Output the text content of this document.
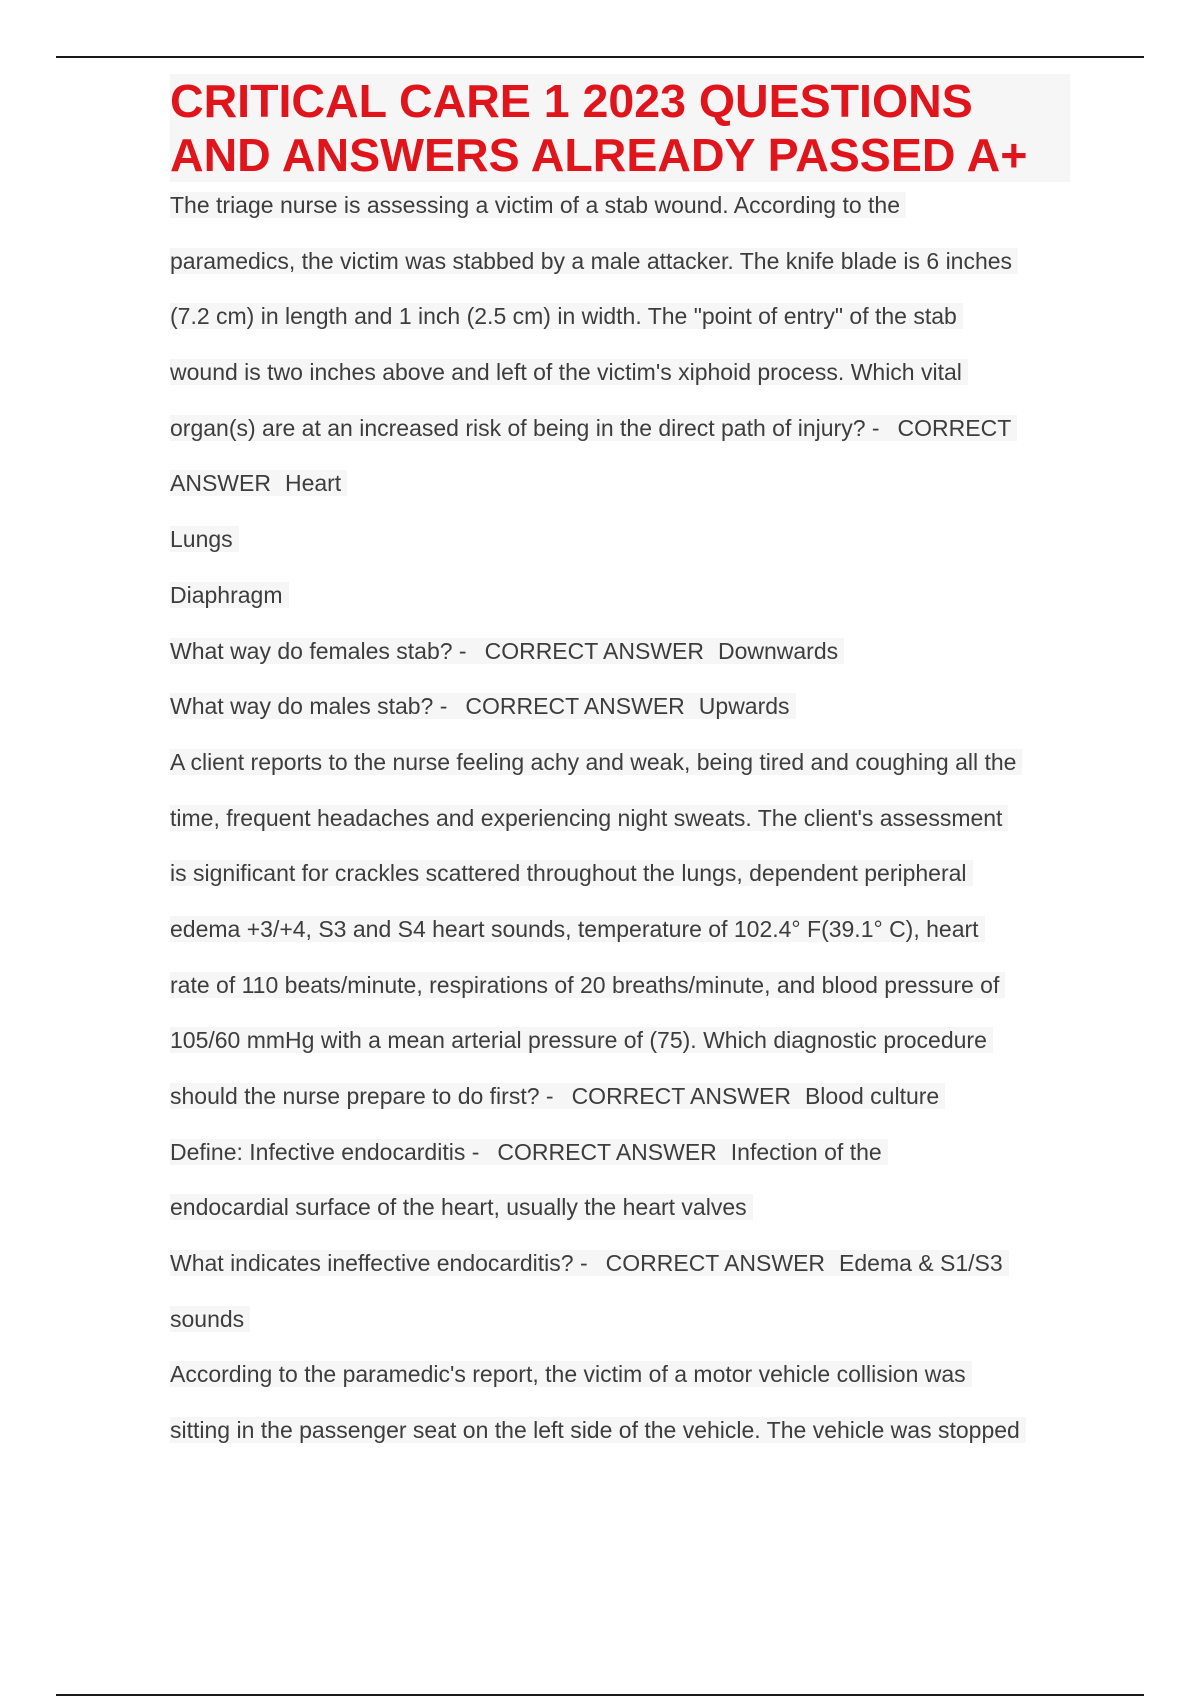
CRITICAL CARE 1 2023 QUESTIONS
AND ANSWERS ALREADY PASSED A+
The triage nurse is assessing a victim of a stab wound. According to the
paramedics, the victim was stabbed by a male attacker. The knife blade is 6 inches
(7.2 cm) in length and 1 inch (2.5 cm) in width. The "point of entry" of the stab
wound is two inches above and left of the victim's xiphoid process. Which vital
organ(s) are at an increased risk of being in the direct path of injury? - CORRECT
ANSWER Heart
Lungs
Diaphragm
What way do females stab? - CORRECT ANSWER Downwards
What way do males stab? - CORRECT ANSWER Upwards
A client reports to the nurse feeling achy and weak, being tired and coughing all the
time, frequent headaches and experiencing night sweats. The client's assessment
is significant for crackles scattered throughout the lungs, dependent peripheral
edema +3/+4, S3 and S4 heart sounds, temperature of 102.4° F(39.1° C), heart
rate of 110 beats/minute, respirations of 20 breaths/minute, and blood pressure of
105/60 mmHg with a mean arterial pressure of (75). Which diagnostic procedure
should the nurse prepare to do first? - CORRECT ANSWER Blood culture
Define: Infective endocarditis - CORRECT ANSWER Infection of the
endocardial surface of the heart, usually the heart valves
What indicates ineffective endocarditis? - CORRECT ANSWER Edema & S1/S3
sounds
According to the paramedic's report, the victim of a motor vehicle collision was
sitting in the passenger seat on the left side of the vehicle. The vehicle was stopped
